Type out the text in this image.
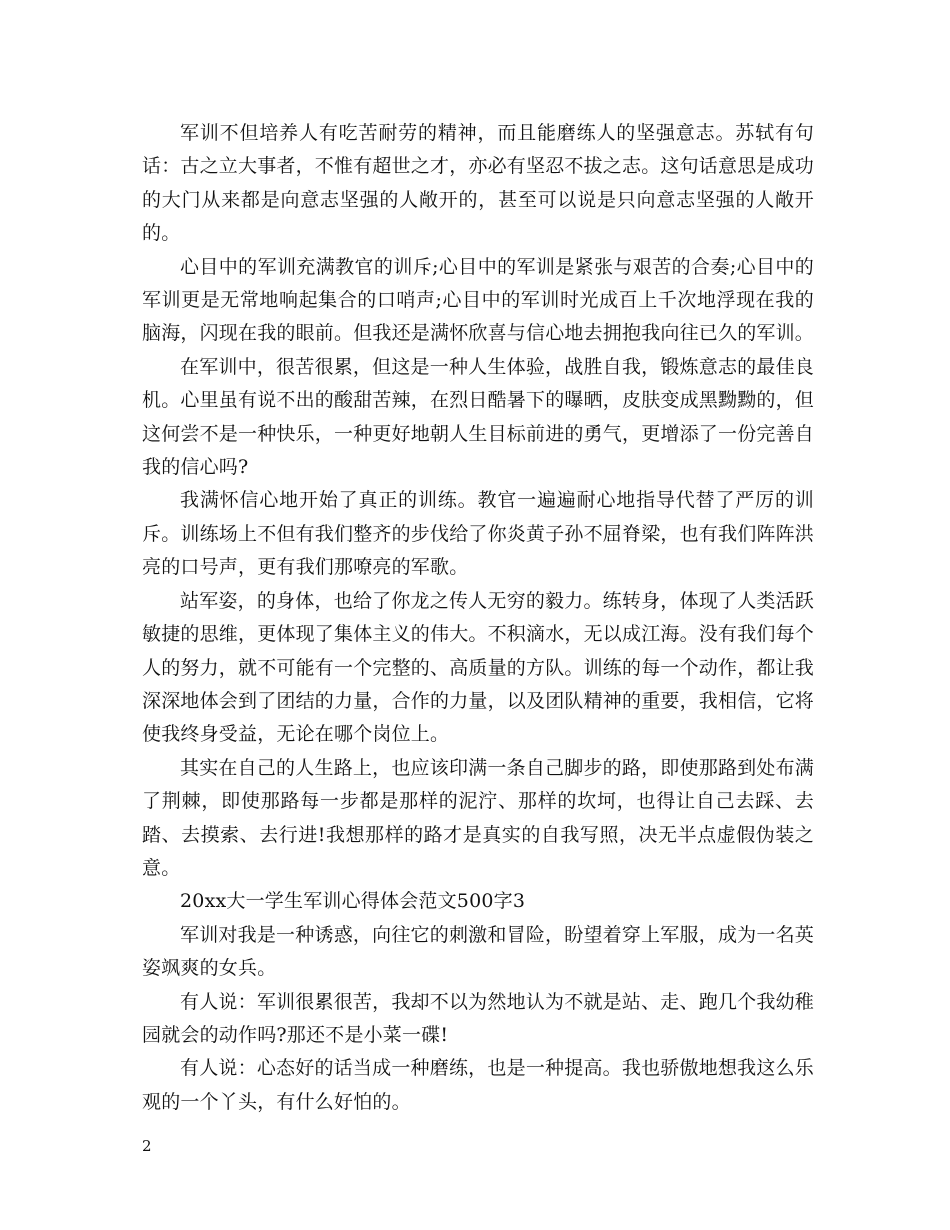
军训不但培养人有吃苦耐劳的精神，而且能磨练人的坚强意志。苏轼有句话：古之立大事者，不惟有超世之才，亦必有坚忍不拔之志。这句话意思是成功的大门从来都是向意志坚强的人敞开的，甚至可以说是只向意志坚强的人敞开的。

心目中的军训充满教官的训斥;心目中的军训是紧张与艰苦的合奏;心目中的军训更是无常地响起集合的口哨声;心目中的军训时光成百上千次地浮现在我的脑海，闪现在我的眼前。但我还是满怀欣喜与信心地去拥抱我向往已久的军训。

在军训中，很苦很累，但这是一种人生体验，战胜自我，锻炼意志的最佳良机。心里虽有说不出的酸甜苦辣，在烈日酷暑下的曝晒，皮肤变成黑黝黝的，但这何尝不是一种快乐，一种更好地朝人生目标前进的勇气，更增添了一份完善自我的信心吗?

我满怀信心地开始了真正的训练。教官一遍遍耐心地指导代替了严厉的训斥。训练场上不但有我们整齐的步伐给了你炎黄子孙不屈脊梁，也有我们阵阵洪亮的口号声，更有我们那嘹亮的军歌。

站军姿，的身体，也给了你龙之传人无穷的毅力。练转身，体现了人类活跃敏捷的思维，更体现了集体主义的伟大。不积滴水，无以成江海。没有我们每个人的努力，就不可能有一个完整的、高质量的方队。训练的每一个动作，都让我深深地体会到了团结的力量，合作的力量，以及团队精神的重要，我相信，它将使我终身受益，无论在哪个岗位上。

其实在自己的人生路上，也应该印满一条自己脚步的路，即使那路到处布满了荆棘，即使那路每一步都是那样的泥泞、那样的坎坷，也得让自己去踩、去踏、去摸索、去行进!我想那样的路才是真实的自我写照，决无半点虚假伪装之意。

20xx大一学生军训心得体会范文500字3

军训对我是一种诱惑，向往它的刺激和冒险，盼望着穿上军服，成为一名英姿飒爽的女兵。

有人说：军训很累很苦，我却不以为然地认为不就是站、走、跑几个我幼稚园就会的动作吗?那还不是小菜一碟!

有人说：心态好的话当成一种磨练，也是一种提高。我也骄傲地想我这么乐观的一个丫头，有什么好怕的。

2
